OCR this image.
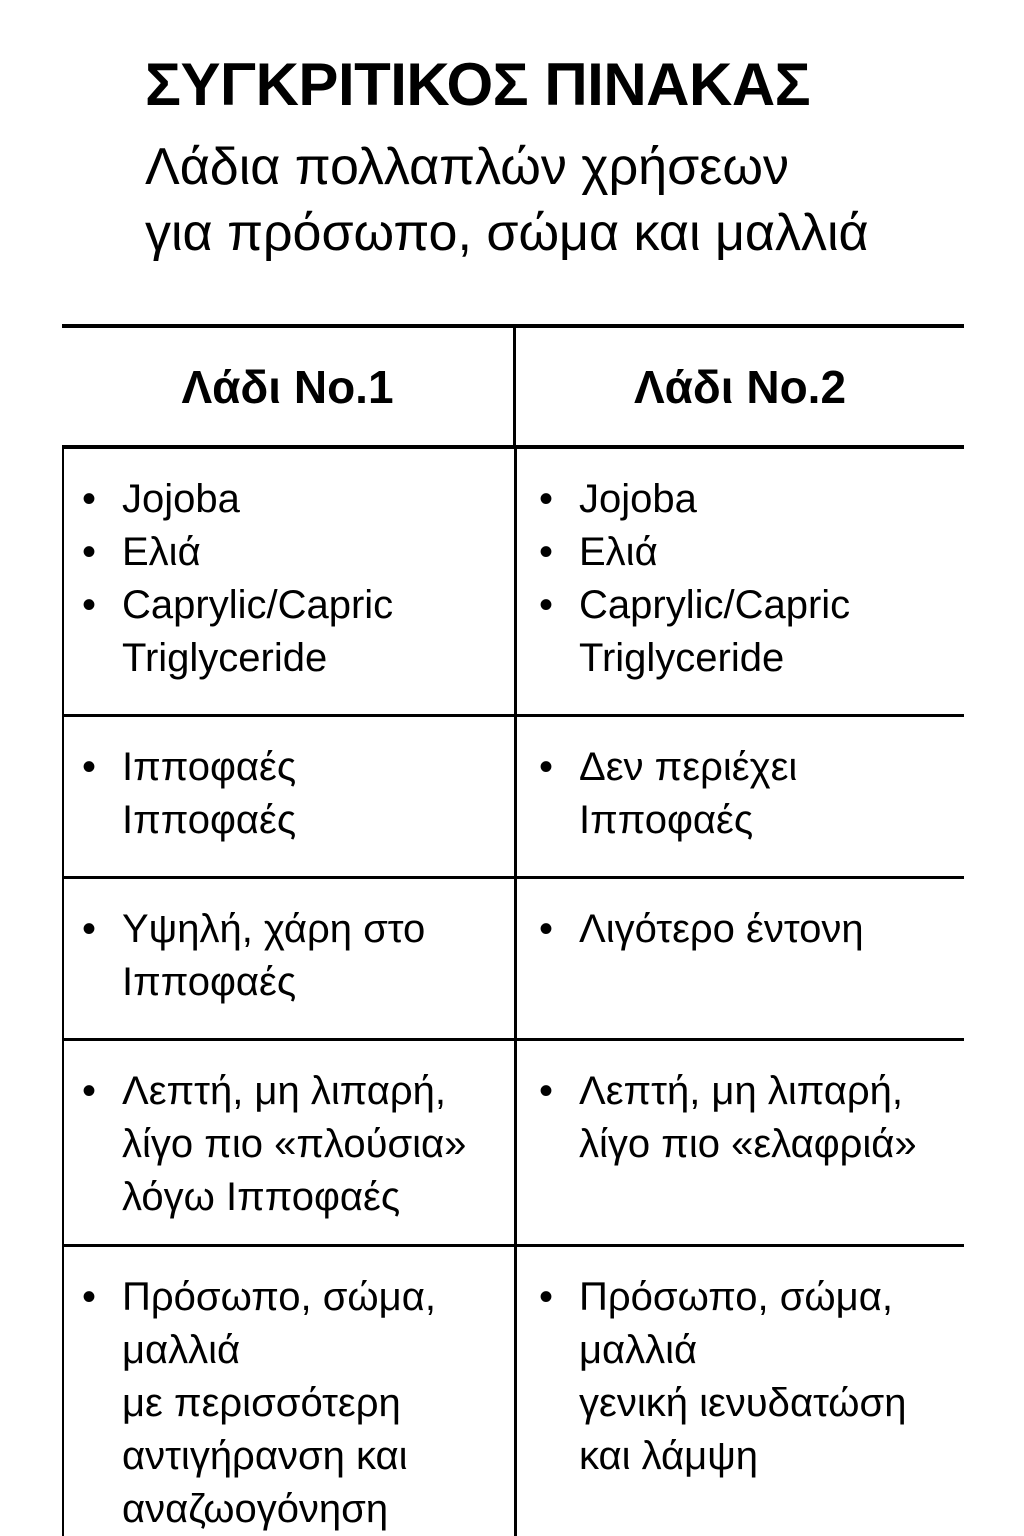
ΣΥΓΚΡΙΤΙΚΟΣ ΠΙΝΑΚΑΣ

Λάδια πολλαπλών χρήσεων
για πρόσωπο, σώμα και μαλλιά

Λάδι No.1	Λάδι No.2
• Jojoba
• Ελιά
• Caprylic/Capric Triglyceride
• Jojoba
• Ελιά
• Caprylic/Capric Triglyceride
• Ιπποφαές
Ιπποφαές
• Δεν περιέχει
Ιπποφαές
• Υψηλή, χάρη στο
Ιπποφαές
• Λιγότερο έντονη
• Λεπτή, μη λιπαρή,
λίγο πιο «πλούσια»
λόγω Ιπποφαές
• Λεπτή, μη λιπαρή,
λίγο πιο «ελαφριά»
• Πρόσωπο, σώμα,
μαλλιά
με περισσότερη
αντιγήρανση και
αναζωογόνηση
• Πρόσωπο, σώμα,
μαλλιά
γενική ιενυδατώση
και λάμψη
